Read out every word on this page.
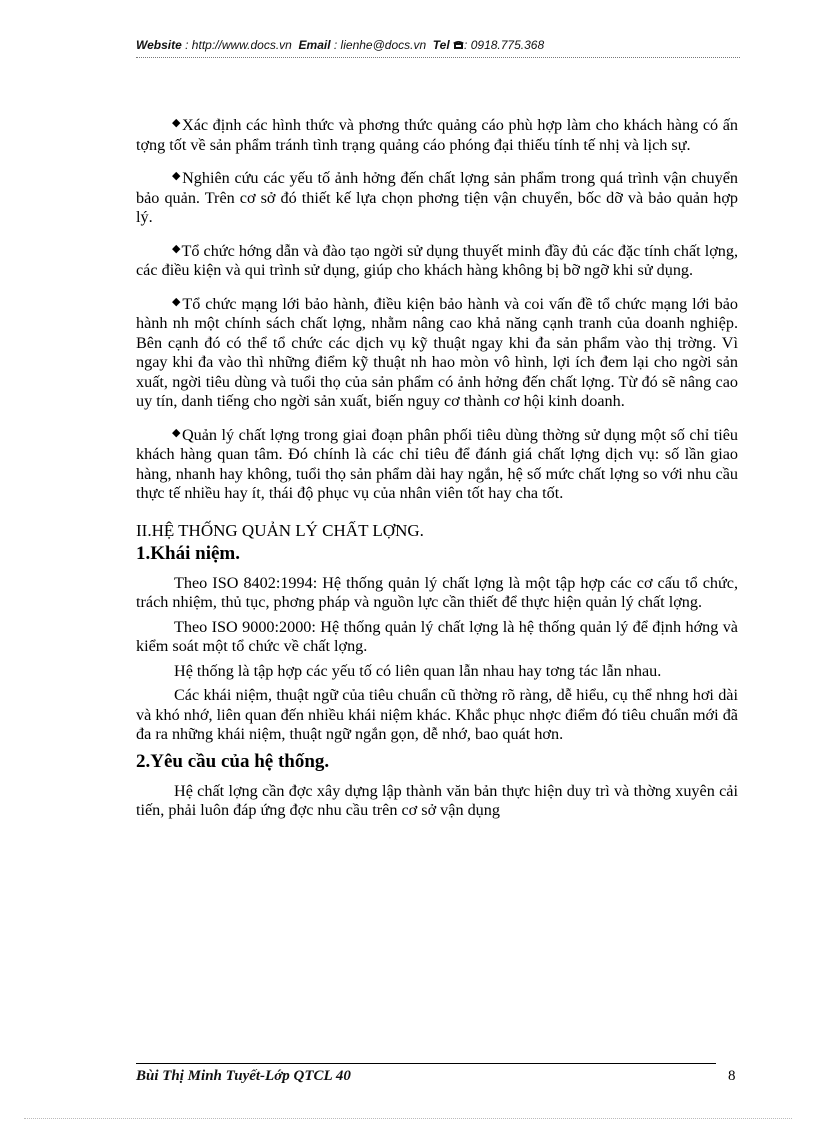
Website : http://www.docs.vn Email : lienhe@docs.vn Tel : 0918.775.368

◆Xác định các hình thức và phơng thức quảng cáo phù hợp làm cho khách hàng có ấn tợng tốt về sản phẩm tránh tình trạng quảng cáo phóng đại thiếu tính tế nhị và lịch sự.

◆Nghiên cứu các yếu tố ảnh hởng đến chất lợng sản phẩm trong quá trình vận chuyển bảo quản. Trên cơ sở đó thiết kế lựa chọn phơng tiện vận chuyển, bốc dỡ và bảo quản hợp lý.

◆Tổ chức hớng dẫn và đào tạo ngời sử dụng thuyết minh đầy đủ các đặc tính chất lợng, các điều kiện và qui trình sử dụng, giúp cho khách hàng không bị bỡ ngỡ khi sử dụng.

◆Tổ chức mạng lới bảo hành, điều kiện bảo hành và coi vấn đề tổ chức mạng lới bảo hành nh một chính sách chất lợng, nhằm nâng cao khả năng cạnh tranh của doanh nghiệp. Bên cạnh đó có thể tổ chức các dịch vụ kỹ thuật ngay khi đa sản phẩm vào thị trờng. Vì ngay khi đa vào thì những điểm kỹ thuật nh hao mòn vô hình, lợi ích đem lại cho ngời sản xuất, ngời tiêu dùng và tuổi thọ của sản phẩm có ảnh hởng đến chất lợng. Từ đó sẽ nâng cao uy tín, danh tiếng cho ngời sản xuất, biến nguy cơ thành cơ hội kinh doanh.

◆Quản lý chất lợng trong giai đoạn phân phối tiêu dùng thờng sử dụng một số chỉ tiêu khách hàng quan tâm. Đó chính là các chỉ tiêu để đánh giá chất lợng dịch vụ: số lần giao hàng, nhanh hay không, tuổi thọ sản phẩm dài hay ngắn, hệ số mức chất lợng so với nhu cầu thực tế nhiều hay ít, thái độ phục vụ của nhân viên tốt hay cha tốt.

II.HỆ THỐNG QUẢN LÝ CHẤT LỢNG.
1.Khái niệm.

Theo ISO 8402:1994: Hệ thống quản lý chất lợng là một tập hợp các cơ cấu tổ chức, trách nhiệm, thủ tục, phơng pháp và nguồn lực cần thiết để thực hiện quản lý chất lợng.

Theo ISO 9000:2000: Hệ thống quản lý chất lợng là hệ thống quản lý để định hớng và kiểm soát một tổ chức về chất lợng.

Hệ thống là tập hợp các yếu tố có liên quan lẫn nhau hay tơng tác lẫn nhau.

Các khái niệm, thuật ngữ của tiêu chuẩn cũ thờng rõ ràng, dễ hiểu, cụ thể nhng hơi dài và khó nhớ, liên quan đến nhiều khái niệm khác. Khắc phục nhợc điểm đó tiêu chuẩn mới đã đa ra những khái niệm, thuật ngữ ngắn gọn, dễ nhớ, bao quát hơn.

2.Yêu cầu của hệ thống.

Hệ chất lợng cần đợc xây dựng lập thành văn bản thực hiện duy trì và thờng xuyên cải tiến, phải luôn đáp ứng đợc nhu cầu trên cơ sở vận dụng

Bùi Thị Minh Tuyết-Lớp QTCL 40	8
